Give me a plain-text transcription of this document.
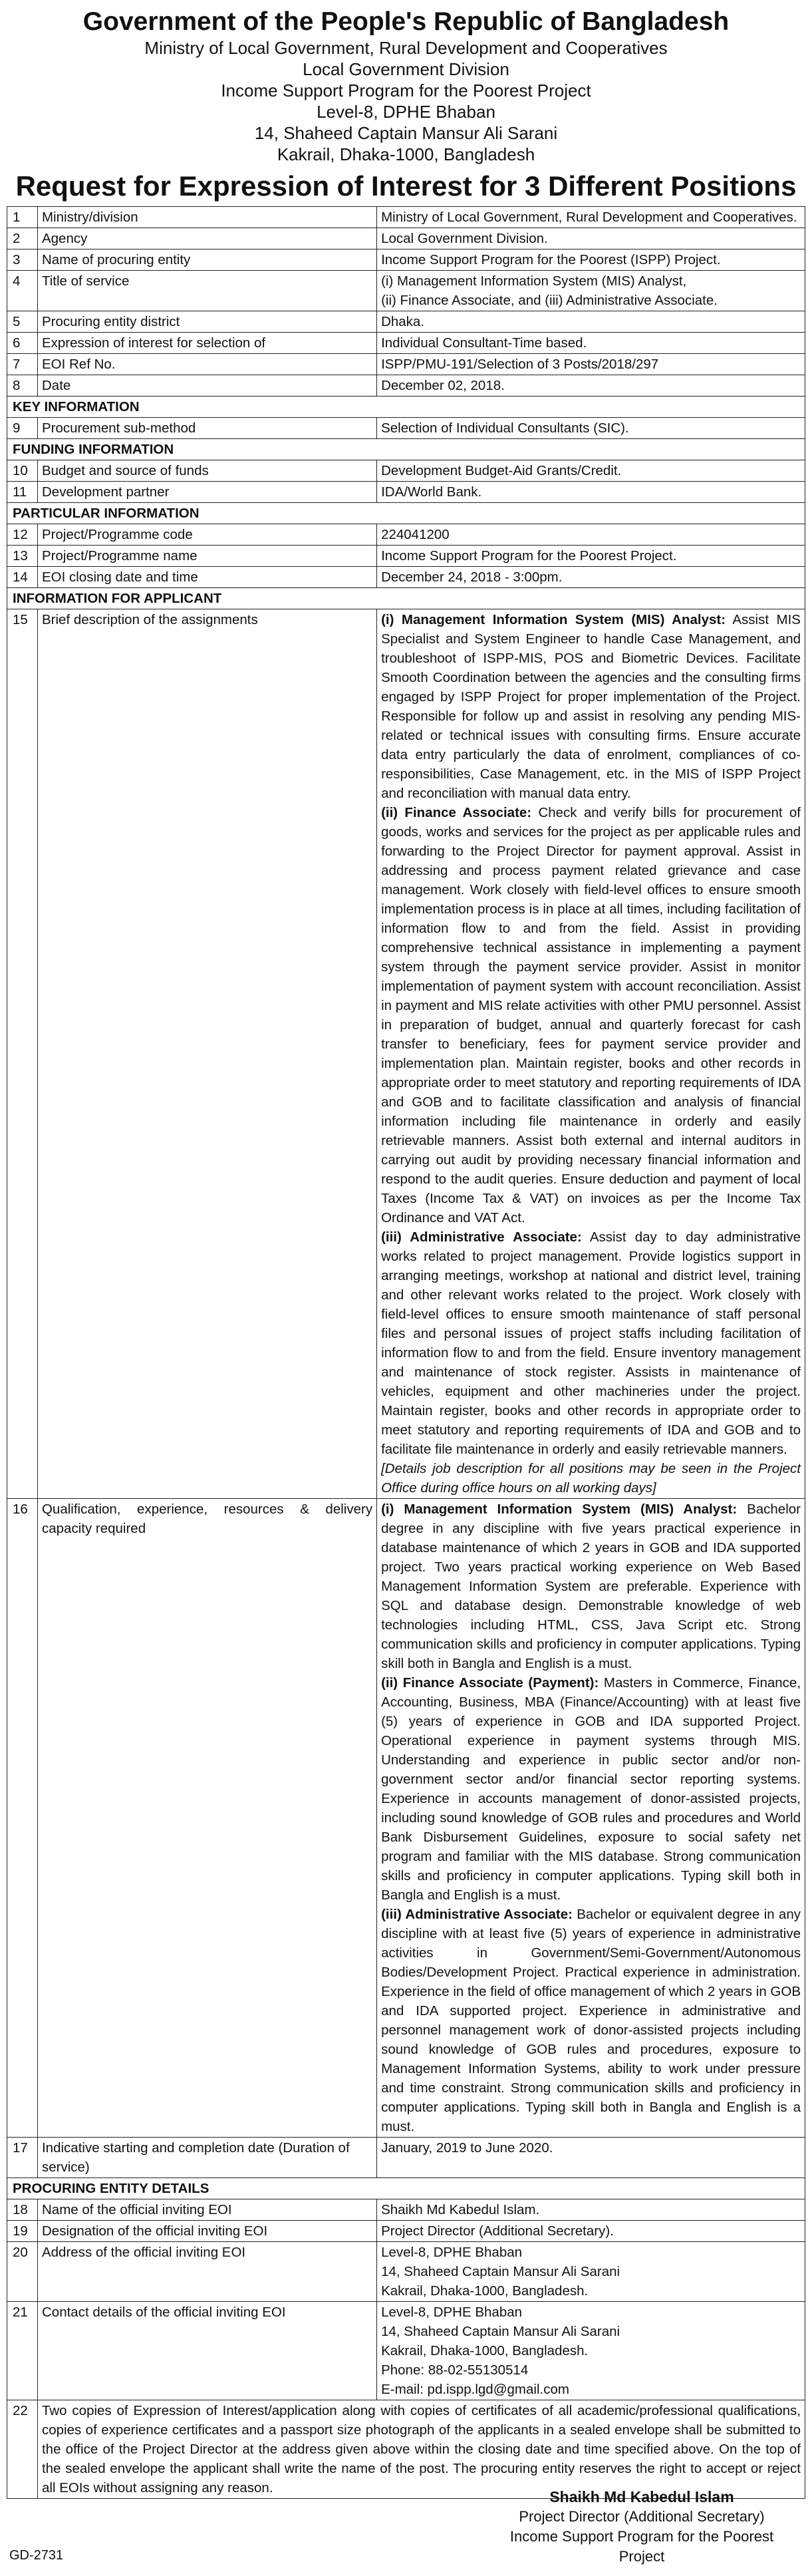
Government of the People's Republic of Bangladesh
Ministry of Local Government, Rural Development and Cooperatives
Local Government Division
Income Support Program for the Poorest Project
Level-8, DPHE Bhaban
14, Shaheed Captain Mansur Ali Sarani
Kakrail, Dhaka-1000, Bangladesh
Request for Expression of Interest for 3 Different Positions
1	Ministry/division	Ministry of Local Government, Rural Development and Cooperatives.
2	Agency	Local Government Division.
3	Name of procuring entity	Income Support Program for the Poorest (ISPP) Project.
4	Title of service	(i) Management Information System (MIS) Analyst,
(ii) Finance Associate, and (iii) Administrative Associate.

5	Procuring entity district	Dhaka.
6	Expression of interest for selection of	Individual Consultant-Time based.
7	EOI Ref No.	ISPP/PMU-191/Selection of 3 Posts/2018/297
8	Date	December 02, 2018.
KEY INFORMATION		
9	Procurement sub-method	Selection of Individual Consultants (SIC).
FUNDING INFORMATION		
10	Budget and source of funds	Development Budget-Aid Grants/Credit.
11	Development partner	IDA/World Bank.
PARTICULAR INFORMATION		
12	Project/Programme code	224041200
13	Project/Programme name	Income Support Program for the Poorest Project.
14	EOI closing date and time	December 24, 2018 - 3:00pm.
INFORMATION FOR APPLICANT		
15	Brief description of the assignments	(i) Management Information System (MIS) Analyst: Assist MIS Specialist and System Engineer to handle Case Management, and troubleshoot of ISPP-MIS, POS and Biometric Devices. Facilitate Smooth Coordination between the agencies and the consulting firms engaged by ISPP Project for proper implementation of the Project. Responsible for follow up and assist in resolving any pending MIS-related or technical issues with consulting firms. Ensure accurate data entry particularly the data of enrolment, compliances of co-responsibilities, Case Management, etc. in the MIS of ISPP Project and reconciliation with manual data entry.
(ii) Finance Associate: Check and verify bills for procurement of goods, works and services for the project as per applicable rules and forwarding to the Project Director for payment approval. Assist in addressing and process payment related grievance and case management. Work closely with field-level offices to ensure smooth implementation process is in place at all times, including facilitation of information flow to and from the field. Assist in providing comprehensive technical assistance in implementing a payment system through the payment service provider. Assist in monitor implementation of payment system with account reconciliation. Assist in payment and MIS relate activities with other PMU personnel. Assist in preparation of budget, annual and quarterly forecast for cash transfer to beneficiary, fees for payment service provider and implementation plan. Maintain register, books and other records in appropriate order to meet statutory and reporting requirements of IDA and GOB and to facilitate classification and analysis of financial information including file maintenance in orderly and easily retrievable manners. Assist both external and internal auditors in carrying out audit by providing necessary financial information and respond to the audit queries. Ensure deduction and payment of local Taxes (Income Tax & VAT) on invoices as per the Income Tax Ordinance and VAT Act.
(iii) Administrative Associate: Assist day to day administrative works related to project management. Provide logistics support in arranging meetings, workshop at national and district level, training and other relevant works related to the project. Work closely with field-level offices to ensure smooth maintenance of staff personal files and personal issues of project staffs including facilitation of information flow to and from the field. Ensure inventory management and maintenance of stock register. Assists in maintenance of vehicles, equipment and other machineries under the project. Maintain register, books and other records in appropriate order to meet statutory and reporting requirements of IDA and GOB and to facilitate file maintenance in orderly and easily retrievable manners.
[Details job description for all positions may be seen in the Project Office during office hours on all working days]

16	Qualification, experience, resources & delivery capacity required	(i) Management Information System (MIS) Analyst: Bachelor degree in any discipline with five years practical experience in database maintenance of which 2 years in GOB and IDA supported project. Two years practical working experience on Web Based Management Information System are preferable. Experience with SQL and database design. Demonstrable knowledge of web technologies including HTML, CSS, Java Script etc. Strong communication skills and proficiency in computer applications. Typing skill both in Bangla and English is a must.
(ii) Finance Associate (Payment): Masters in Commerce, Finance, Accounting, Business, MBA (Finance/Accounting) with at least five (5) years of experience in GOB and IDA supported Project. Operational experience in payment systems through MIS. Understanding and experience in public sector and/or non-government sector and/or financial sector reporting systems. Experience in accounts management of donor-assisted projects, including sound knowledge of GOB rules and procedures and World Bank Disbursement Guidelines, exposure to social safety net program and familiar with the MIS database. Strong communication skills and proficiency in computer applications. Typing skill both in Bangla and English is a must.
(iii) Administrative Associate: Bachelor or equivalent degree in any discipline with at least five (5) years of experience in administrative activities in Government/Semi-Government/Autonomous Bodies/Development Project. Practical experience in administration. Experience in the field of office management of which 2 years in GOB and IDA supported project. Experience in administrative and personnel management work of donor-assisted projects including sound knowledge of GOB rules and procedures, exposure to Management Information Systems, ability to work under pressure and time constraint. Strong communication skills and proficiency in computer applications. Typing skill both in Bangla and English is a must.

17	Indicative starting and completion date (Duration of service)	January, 2019 to June 2020.
PROCURING ENTITY DETAILS		
18	Name of the official inviting EOI	Shaikh Md Kabedul Islam.
19	Designation of the official inviting EOI	Project Director (Additional Secretary).
20	Address of the official inviting EOI	Level-8, DPHE Bhaban
14, Shaheed Captain Mansur Ali Sarani
Kakrail, Dhaka-1000, Bangladesh.

21	Contact details of the official inviting EOI	Level-8, DPHE Bhaban
14, Shaheed Captain Mansur Ali Sarani
Kakrail, Dhaka-1000, Bangladesh.
Phone: 88-02-55130514
E-mail: pd.ispp.lgd@gmail.com

22	Two copies of Expression of Interest/application along with copies of certificates of all academic/professional qualifications, copies of experience certificates and a passport size photograph of the applicants in a sealed envelope shall be submitted to the office of the Project Director at the address given above within the closing date and time specified above. On the top of the sealed envelope the applicant shall write the name of the post. The procuring entity reserves the right to accept or reject all EOIs without assigning any reason.	
Shaikh Md Kabedul Islam
Project Director (Additional Secretary)
Income Support Program for the Poorest Project
GD-2731
